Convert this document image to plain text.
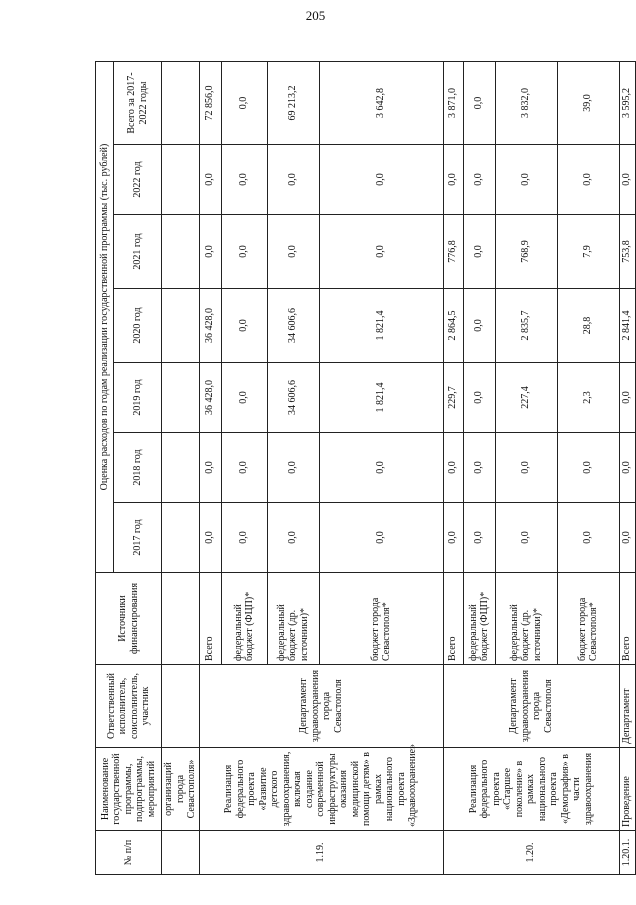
205
№ п/п	Наименование государственной программы, подпрограммы, мероприятий	Ответственный исполнитель, соисполнитель, участник	Источники финансирования	Оценка расходов по годам реализации государственной программы (тыс. рублей)						
				2017 год	2018 год	2019 год	2020 год	2021 год	2022 год	Всего за 2017-2022 годы
	организаций города Севастополя»									
1.19.	Реализация федерального проекта «Развитие детского здравоохранения, включая создание современной инфраструктуры оказания медицинской помощи детям» в рамках национального проекта «Здравоохранение»	Департамент здравоохранения города Севастополя	Всего	0,0	0,0	36 428,0	36 428,0	0,0	0,0	72 856,0
			федеральный бюджет (ФЦП)*	0,0	0,0	0,0	0,0	0,0	0,0	0,0
			федеральный бюджет (др. источники)*	0,0	0,0	34 606,6	34 606,6	0,0	0,0	69 213,2
			бюджет города Севастополя*	0,0	0,0	1 821,4	1 821,4	0,0	0,0	3 642,8
1.20.	Реализация федерального проекта «Старшее поколение» в рамках национального проекта «Демография» в части здравоохранения	Департамент здравоохранения города Севастополя	Всего	0,0	0,0	229,7	2 864,5	776,8	0,0	3 871,0
			федеральный бюджет (ФЦП)*	0,0	0,0	0,0	0,0	0,0	0,0	0,0
			федеральный бюджет (др. источники)*	0,0	0,0	227,4	2 835,7	768,9	0,0	3 832,0
			бюджет города Севастополя*	0,0	0,0	2,3	28,8	7,9	0,0	39,0
1.20.1.	Проведение	Департамент	Всего	0,0	0,0	0,0	2 841,4	753,8	0,0	3 595,2
